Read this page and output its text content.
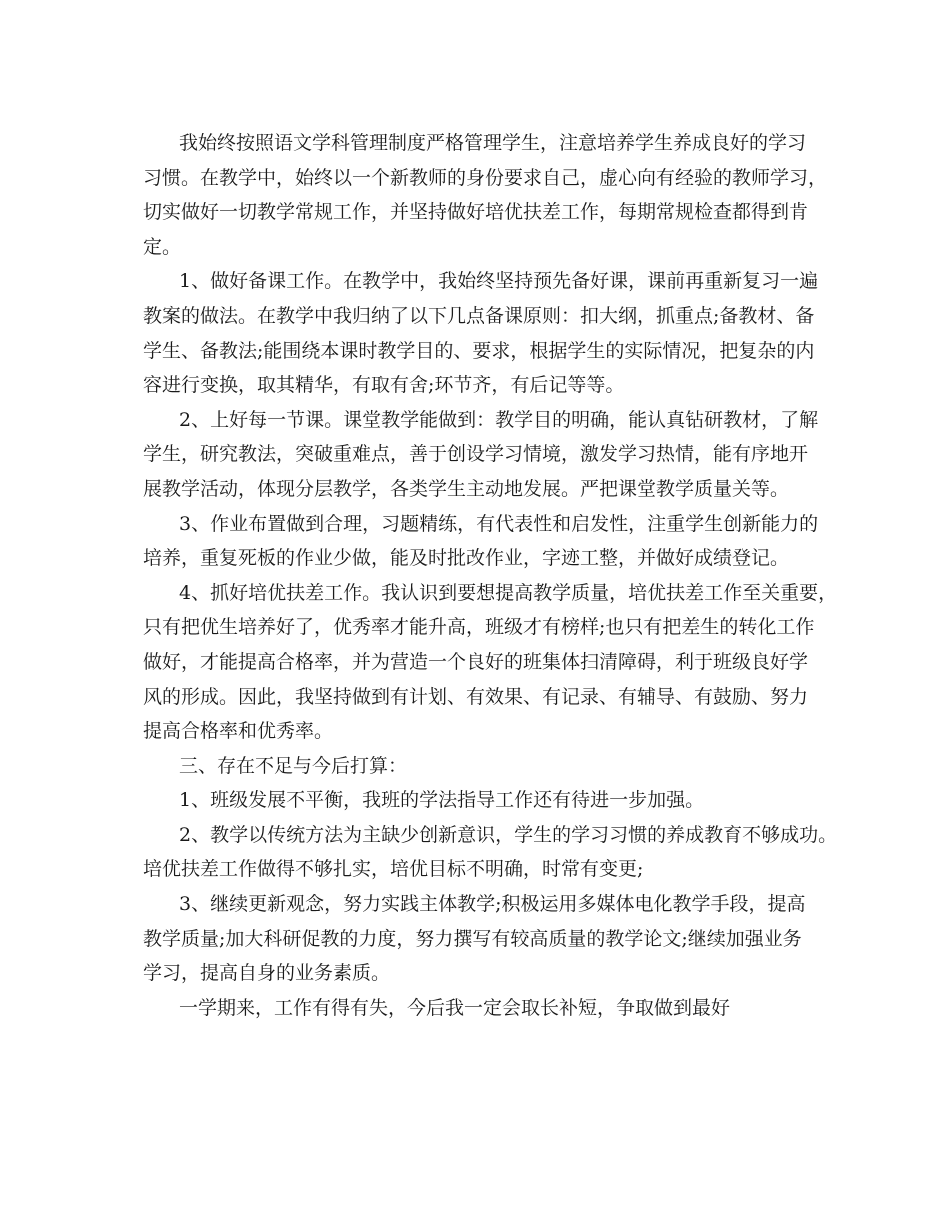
我始终按照语文学科管理制度严格管理学生，注意培养学生养成良好的学习
习惯。在教学中，始终以一个新教师的身份要求自己，虚心向有经验的教师学习，
切实做好一切教学常规工作，并坚持做好培优扶差工作，每期常规检查都得到肯
定。
1、做好备课工作。在教学中，我始终坚持预先备好课，课前再重新复习一遍
教案的做法。在教学中我归纳了以下几点备课原则：扣大纲，抓重点;备教材、备
学生、备教法;能围绕本课时教学目的、要求，根据学生的实际情况，把复杂的内
容进行变换，取其精华，有取有舍;环节齐，有后记等等。
2、上好每一节课。课堂教学能做到：教学目的明确，能认真钻研教材，了解
学生，研究教法，突破重难点，善于创设学习情境，激发学习热情，能有序地开
展教学活动，体现分层教学，各类学生主动地发展。严把课堂教学质量关等。
3、作业布置做到合理，习题精练，有代表性和启发性，注重学生创新能力的
培养，重复死板的作业少做，能及时批改作业，字迹工整，并做好成绩登记。
4、抓好培优扶差工作。我认识到要想提高教学质量，培优扶差工作至关重要，
只有把优生培养好了，优秀率才能升高，班级才有榜样;也只有把差生的转化工作
做好，才能提高合格率，并为营造一个良好的班集体扫清障碍，利于班级良好学
风的形成。因此，我坚持做到有计划、有效果、有记录、有辅导、有鼓励、努力
提高合格率和优秀率。
三、存在不足与今后打算：
1、班级发展不平衡，我班的学法指导工作还有待进一步加强。
2、教学以传统方法为主缺少创新意识，学生的学习习惯的养成教育不够成功。
培优扶差工作做得不够扎实，培优目标不明确，时常有变更;
3、继续更新观念，努力实践主体教学;积极运用多媒体电化教学手段，提高
教学质量;加大科研促教的力度，努力撰写有较高质量的教学论文;继续加强业务
学习，提高自身的业务素质。
一学期来，工作有得有失，今后我一定会取长补短，争取做到最好
